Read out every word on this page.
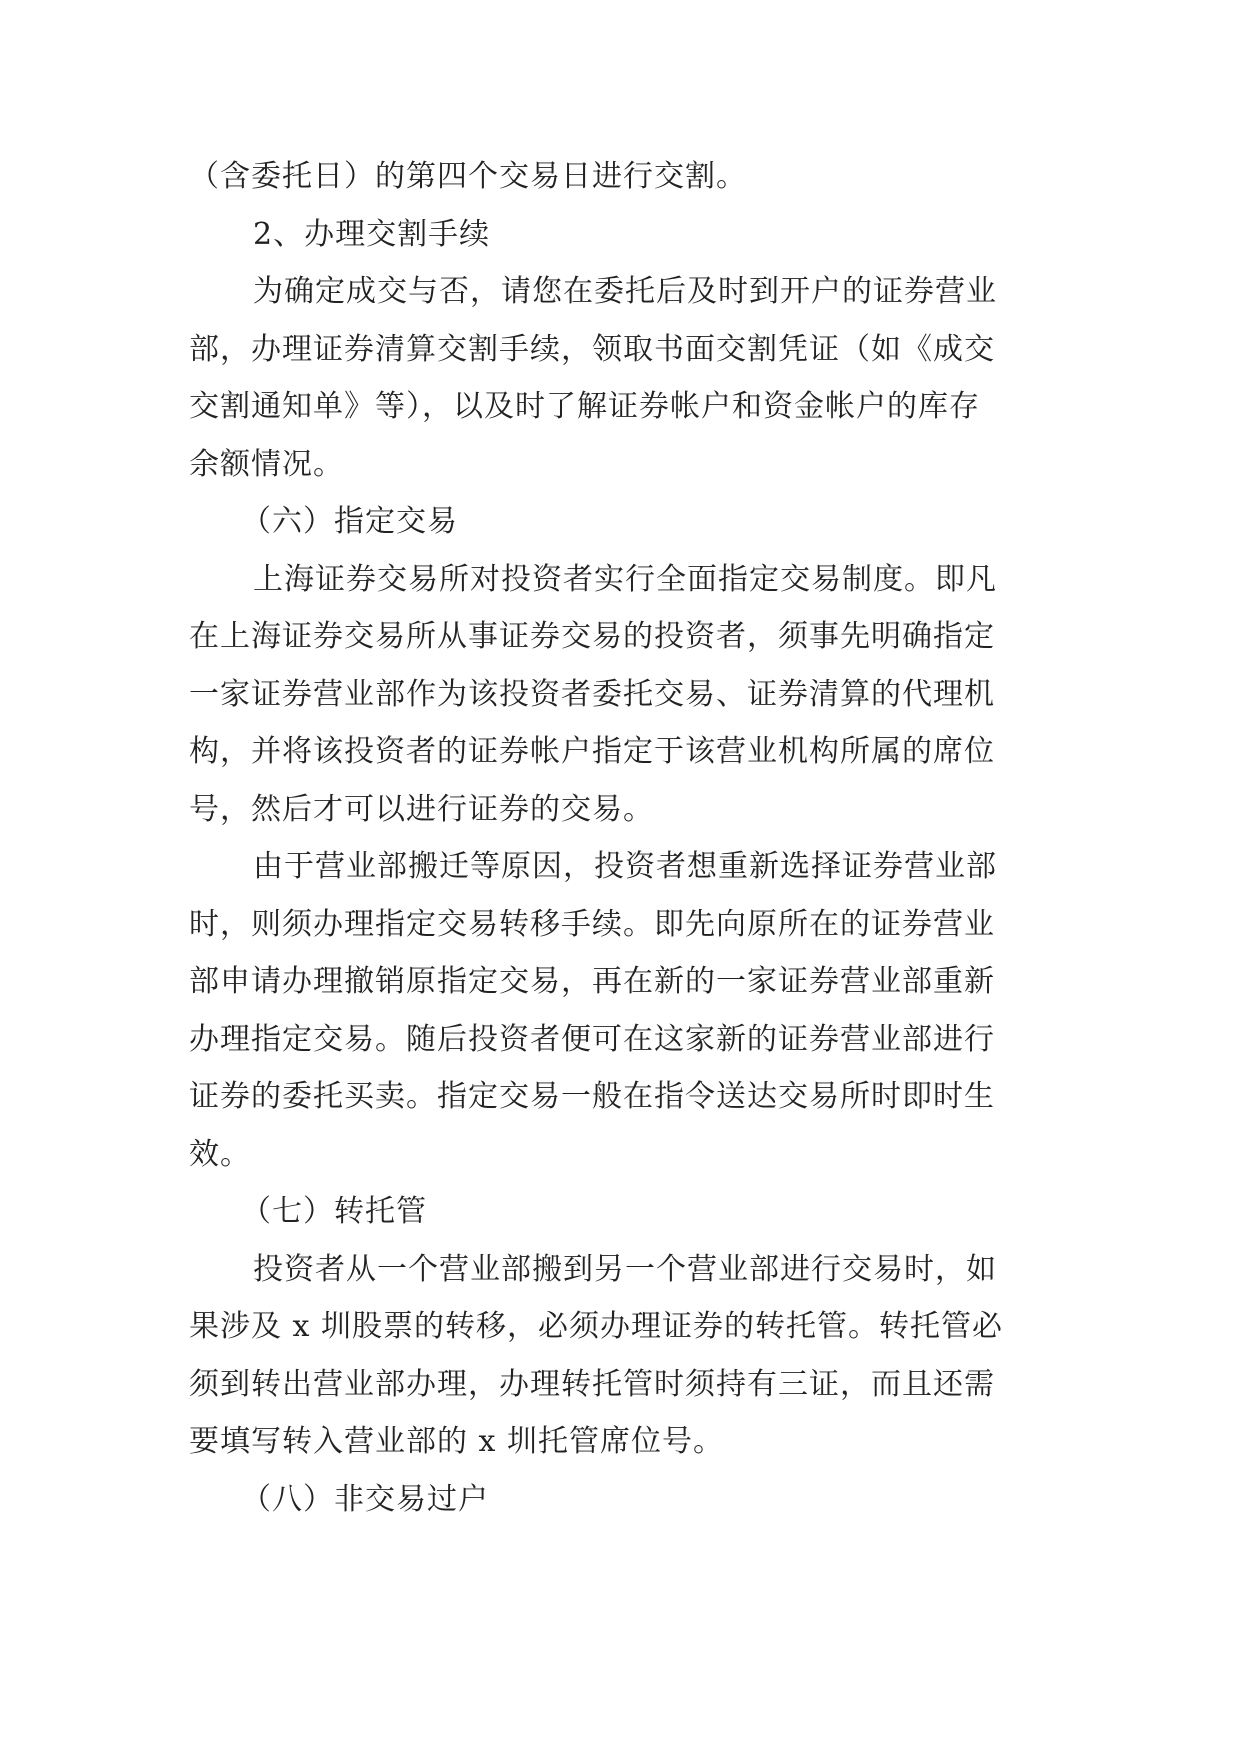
（含委托日）的第四个交易日进行交割。
2、办理交割手续
为确定成交与否，请您在委托后及时到开户的证券营业
部，办理证券清算交割手续，领取书面交割凭证（如《成交
交割通知单》等），以及时了解证券帐户和资金帐户的库存
余额情况。
（六）指定交易
上海证券交易所对投资者实行全面指定交易制度。即凡
在上海证券交易所从事证券交易的投资者，须事先明确指定
一家证券营业部作为该投资者委托交易、证券清算的代理机
构，并将该投资者的证券帐户指定于该营业机构所属的席位
号，然后才可以进行证券的交易。
由于营业部搬迁等原因，投资者想重新选择证券营业部
时，则须办理指定交易转移手续。即先向原所在的证券营业
部申请办理撤销原指定交易，再在新的一家证券营业部重新
办理指定交易。随后投资者便可在这家新的证券营业部进行
证券的委托买卖。指定交易一般在指令送达交易所时即时生
效。
（七）转托管
投资者从一个营业部搬到另一个营业部进行交易时，如
果涉及 x 圳股票的转移，必须办理证券的转托管。转托管必
须到转出营业部办理，办理转托管时须持有三证，而且还需
要填写转入营业部的 x 圳托管席位号。
（八）非交易过户
